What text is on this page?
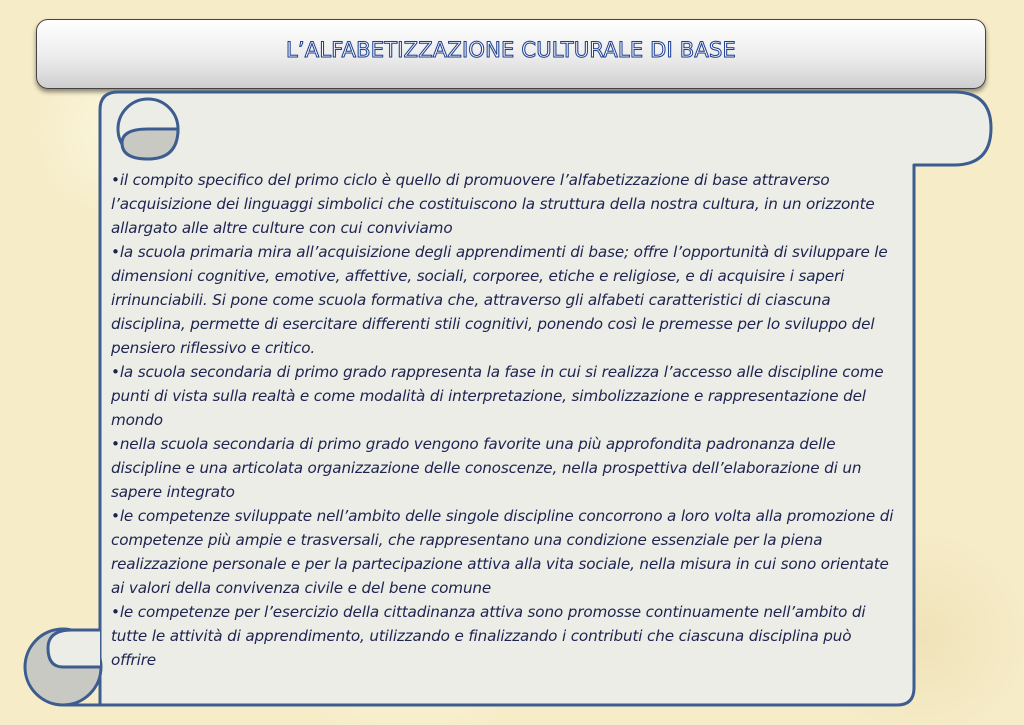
L’ALFABETIZZAZIONE CULTURALE DI BASE

•il compito specifico del primo ciclo è quello di promuovere l’alfabetizzazione di base attraverso l’acquisizione dei linguaggi simbolici che costituiscono la struttura della nostra cultura, in un orizzonte allargato alle altre culture con cui conviviamo

•la scuola primaria mira all’acquisizione degli apprendimenti di base; offre l’opportunità di sviluppare le dimensioni cognitive, emotive, affettive, sociali, corporee, etiche e religiose, e di acquisire i saperi irrinunciabili. Si pone come scuola formativa che, attraverso gli alfabeti caratteristici di ciascuna disciplina, permette di esercitare differenti stili cognitivi, ponendo così le premesse per lo sviluppo del pensiero riflessivo e critico.

•la scuola secondaria di primo grado rappresenta la fase in cui si realizza l’accesso alle discipline come punti di vista sulla realtà e come modalità di interpretazione, simbolizzazione e rappresentazione del mondo

•nella scuola secondaria di primo grado vengono favorite una più approfondita padronanza delle discipline e una articolata organizzazione delle conoscenze, nella prospettiva dell’elaborazione di un sapere integrato

•le competenze sviluppate nell’ambito delle singole discipline concorrono a loro volta alla promozione di competenze più ampie e trasversali, che rappresentano una condizione essenziale per la piena realizzazione personale e per la partecipazione attiva alla vita sociale, nella misura in cui sono orientate ai valori della convivenza civile e del bene comune

•le competenze per l’esercizio della cittadinanza attiva sono promosse continuamente nell’ambito di tutte le attività di apprendimento, utilizzando e finalizzando i contributi che ciascuna disciplina può offrire
